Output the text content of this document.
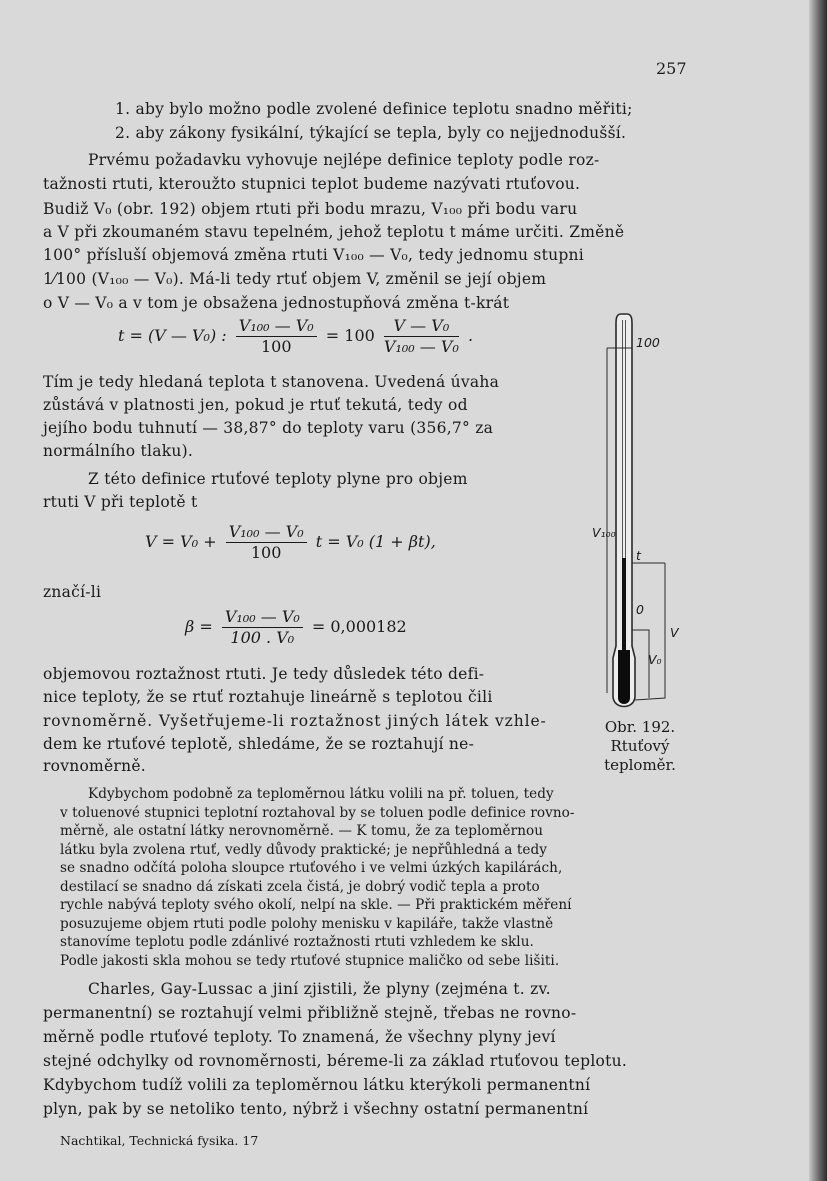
257
1. aby bylo možno podle zvolené definice teplotu snadno měřiti;
2. aby zákony fysikální, týkající se tepla, byly co nejjednodušší.
Prvému požadavku vyhovuje nejlépe definice teploty podle roz-
tažnosti rtuti, kteroužto stupnici teplot budeme nazývati rtuťovou.
Budiž V₀ (obr. 192) objem rtuti při bodu mrazu, V₁₀₀ při bodu varu
a V při zkoumaném stavu tepelném, jehož teplotu t máme určiti. Změně
100° přísluší objemová změna rtuti V₁₀₀ — V₀, tedy jednomu stupni
1⁄100 (V₁₀₀ — V₀). Má-li tedy rtuť objem V, změnil se její objem
o V — V₀ a v tom je obsažena jednostupňová změna t-krát
t = (V — V₀) : $\frac{\text{V₁₀₀ — V₀}}{100} = 100 \frac{\text{V — V₀}}{\text{V₁₀₀ — V₀}}$ .
Tím je tedy hledaná teplota t stanovena. Uvedená úvaha
zůstává v platnosti jen, pokud je rtuť tekutá, tedy od
jejího bodu tuhnutí — 38,87° do teploty varu (356,7° za
normálního tlaku).
Z této definice rtuťové teploty plyne pro objem
rtuti V při teplotě t
$V = V_0 + \frac{\text{V₁₀₀ — V₀}}{100}$ t = V₀ (1 + βt),
značí-li
$\beta = \frac{\text{V₁₀₀ — V₀}}{\text{100 . V₀}} = 0,000182$
objemovou roztažnost rtuti. Je tedy důsledek této defi-
nice teploty, že se rtuť roztahuje lineárně s teplotou čili
rovnoměrně. Vyšetřujeme-li roztažnost jiných látek vzhle-
dem ke rtuťové teplotě, shledáme, že se roztahují ne-
rovnoměrně.
100
V₁₀₀
t
0
V₀
V
Obr. 192.
Rtuťový
teploměr.
Kdybychom podobně za teploměrnou látku volili na př. toluen, tedy
v toluenové stupnici teplotní roztahoval by se toluen podle definice rovno-
měrně, ale ostatní látky nerovnoměrně. — K tomu, že za teploměrnou
látku byla zvolena rtuť, vedly důvody praktické; je nepřůhledná a tedy
se snadno odčítá poloha sloupce rtuťového i ve velmi úzkých kapilárách,
destilací se snadno dá získati zcela čistá, je dobrý vodič tepla a proto
rychle nabývá teploty svého okolí, nelpí na skle. — Při praktickém měření
posuzujeme objem rtuti podle polohy menisku v kapiláře, takže vlastně
stanovíme teplotu podle zdánlivé roztažnosti rtuti vzhledem ke sklu.
Podle jakosti skla mohou se tedy rtuťové stupnice maličko od sebe lišiti.
Charles, Gay-Lussac a jiní zjistili, že plyny (zejména t. zv.
permanentní) se roztahují velmi přibližně stejně, třebas ne rovno-
měrně podle rtuťové teploty. To znamená, že všechny plyny jeví
stejné odchylky od rovnoměrnosti, béreme-li za základ rtuťovou teplotu.
Kdybychom tudíž volili za teploměrnou látku kterýkoli permanentní
plyn, pak by se netoliko tento, nýbrž i všechny ostatní permanentní
Nachtikal, Technická fysika. 17
